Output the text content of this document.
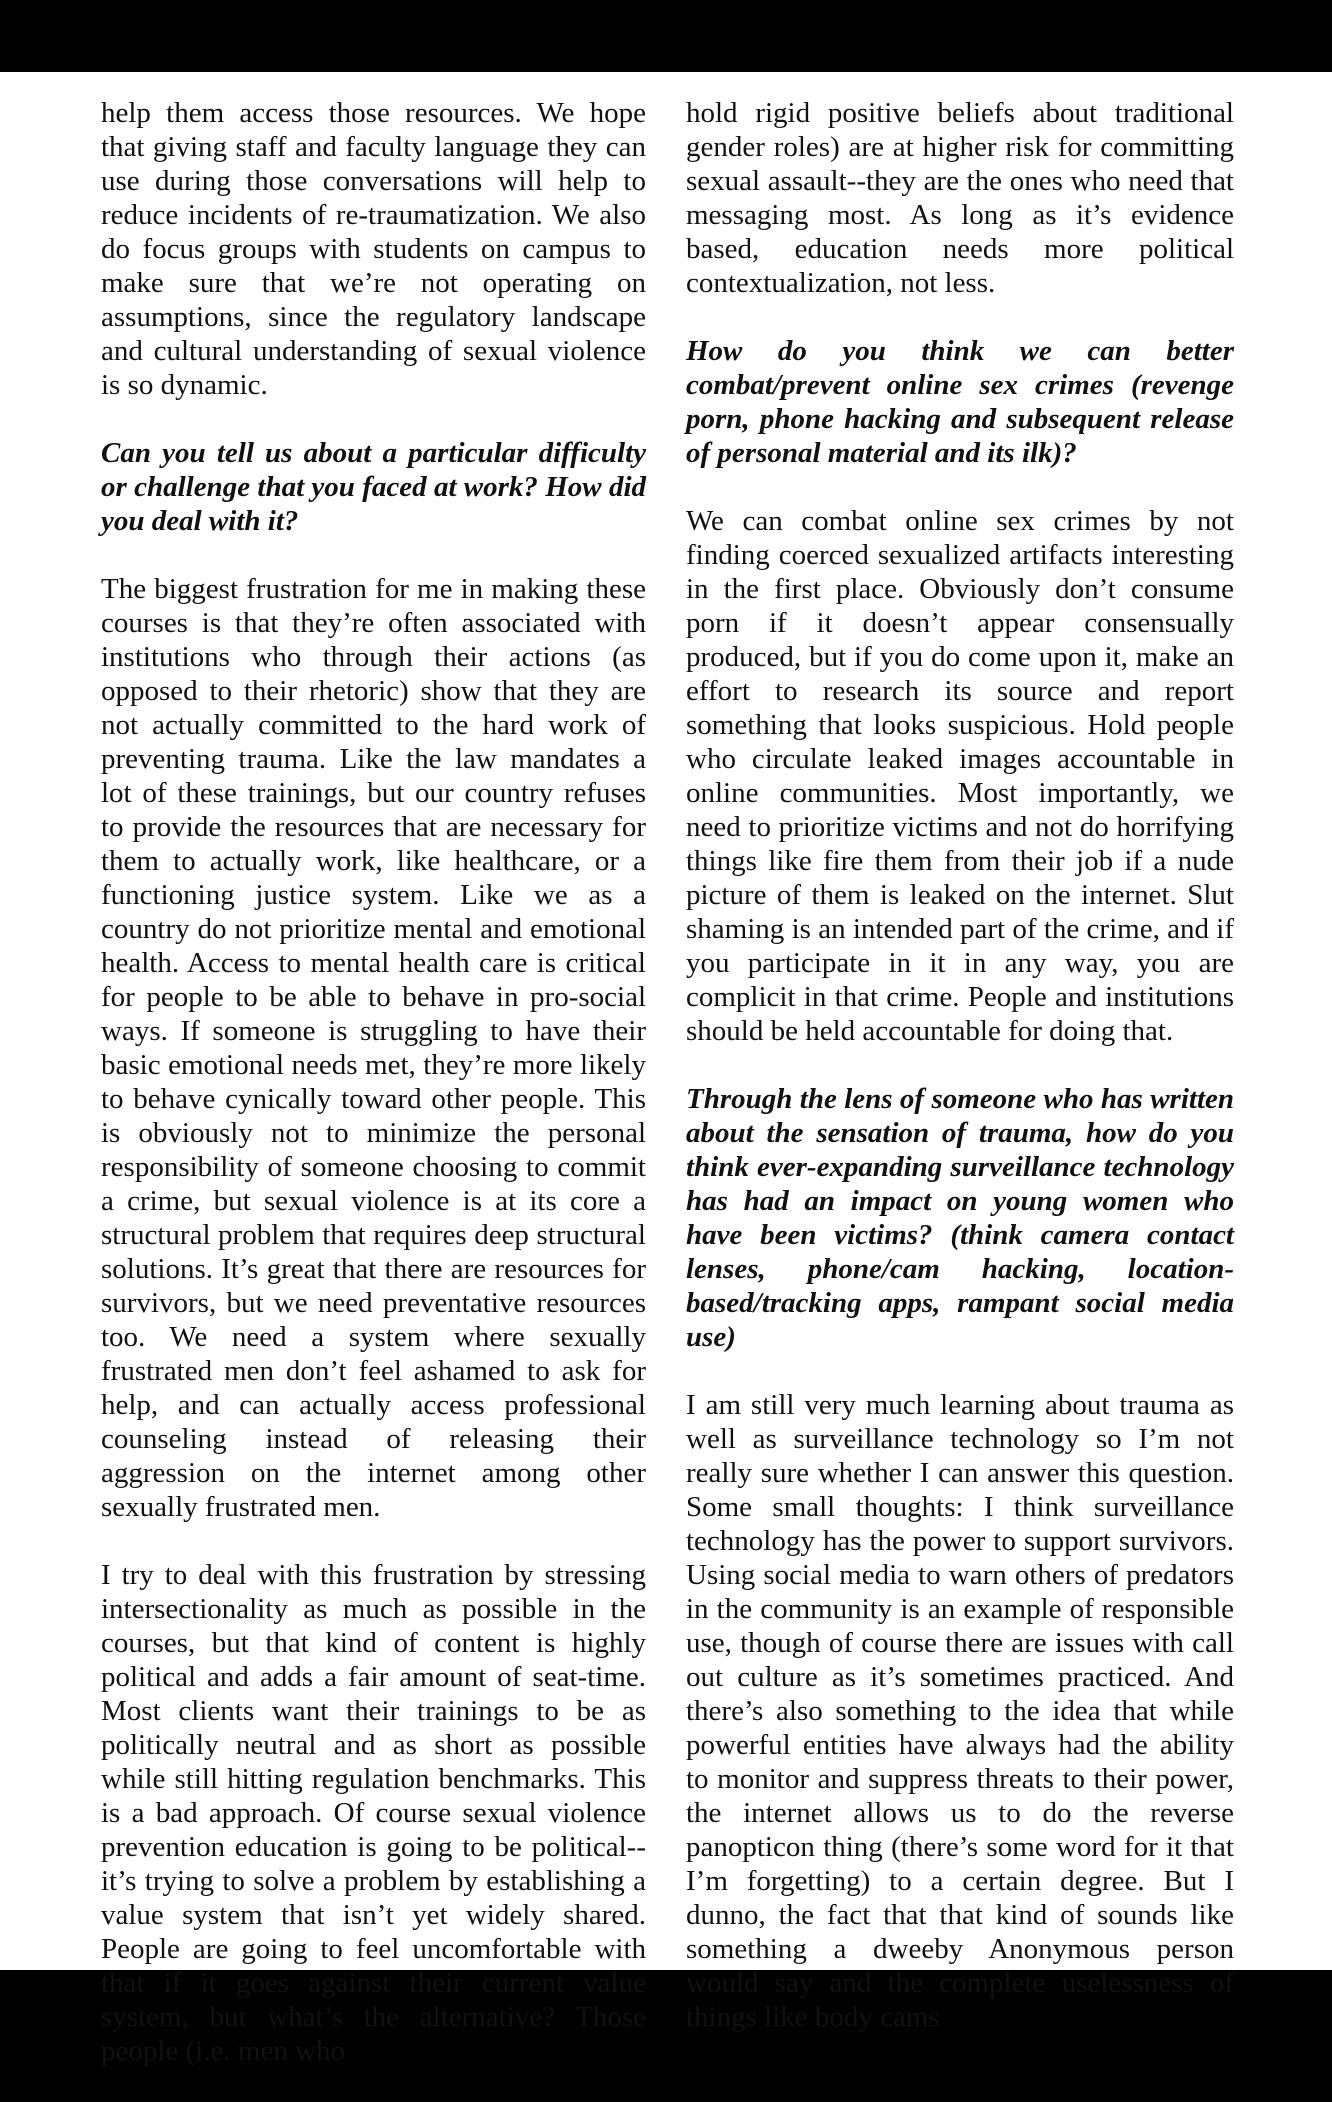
help them access those resources. We hope that giving staff and faculty language they can use during those conversations will help to reduce incidents of re-traumatization. We also do focus groups with students on campus to make sure that we’re not operating on assumptions, since the regulatory landscape and cultural understanding of sexual violence is so dynamic.

Can you tell us about a particular difficulty or challenge that you faced at work? How did you deal with it?

The biggest frustration for me in making these courses is that they’re often associated with institutions who through their actions (as opposed to their rhetoric) show that they are not actually committed to the hard work of preventing trauma. Like the law mandates a lot of these trainings, but our country refuses to provide the resources that are necessary for them to actually work, like healthcare, or a functioning justice system. Like we as a country do not prioritize mental and emotional health. Access to mental health care is critical for people to be able to behave in pro-social ways. If someone is struggling to have their basic emotional needs met, they’re more likely to behave cynically toward other people. This is obviously not to minimize the personal responsibility of someone choosing to commit a crime, but sexual violence is at its core a structural problem that requires deep structural solutions. It’s great that there are resources for survivors, but we need preventative resources too. We need a system where sexually frustrated men don’t feel ashamed to ask for help, and can actually access professional counseling instead of releasing their aggression on the internet among other sexually frustrated men.

I try to deal with this frustration by stressing intersectionality as much as possible in the courses, but that kind of content is highly political and adds a fair amount of seat-time. Most clients want their trainings to be as politically neutral and as short as possible while still hitting regulation benchmarks. This is a bad approach. Of course sexual violence prevention education is going to be political--it’s trying to solve a problem by establishing a value system that isn’t yet widely shared. People are going to feel uncomfortable with that if it goes against their current value system, but what’s the alternative? Those people (i.e. men who

hold rigid positive beliefs about traditional gender roles) are at higher risk for committing sexual assault--they are the ones who need that messaging most. As long as it’s evidence based, education needs more political contextualization, not less.

How do you think we can better combat/prevent online sex crimes (revenge porn, phone hacking and subsequent release of personal material and its ilk)?

We can combat online sex crimes by not finding coerced sexualized artifacts interesting in the first place. Obviously don’t consume porn if it doesn’t appear consensually produced, but if you do come upon it, make an effort to research its source and report something that looks suspicious. Hold people who circulate leaked images accountable in online communities. Most importantly, we need to prioritize victims and not do horrifying things like fire them from their job if a nude picture of them is leaked on the internet. Slut shaming is an intended part of the crime, and if you participate in it in any way, you are complicit in that crime. People and institutions should be held accountable for doing that.

Through the lens of someone who has written about the sensation of trauma, how do you think ever-expanding surveillance technology has had an impact on young women who have been victims? (think camera contact lenses, phone/cam hacking, location-based/tracking apps, rampant social media use)

I am still very much learning about trauma as well as surveillance technology so I’m not really sure whether I can answer this question. Some small thoughts: I think surveillance technology has the power to support survivors. Using social media to warn others of predators in the community is an example of responsible use, though of course there are issues with call out culture as it’s sometimes practiced. And there’s also something to the idea that while powerful entities have always had the ability to monitor and suppress threats to their power, the internet allows us to do the reverse panopticon thing (there’s some word for it that I’m forgetting) to a certain degree. But I dunno, the fact that that kind of sounds like something a dweeby Anonymous person would say and the complete uselessness of things like body cams
